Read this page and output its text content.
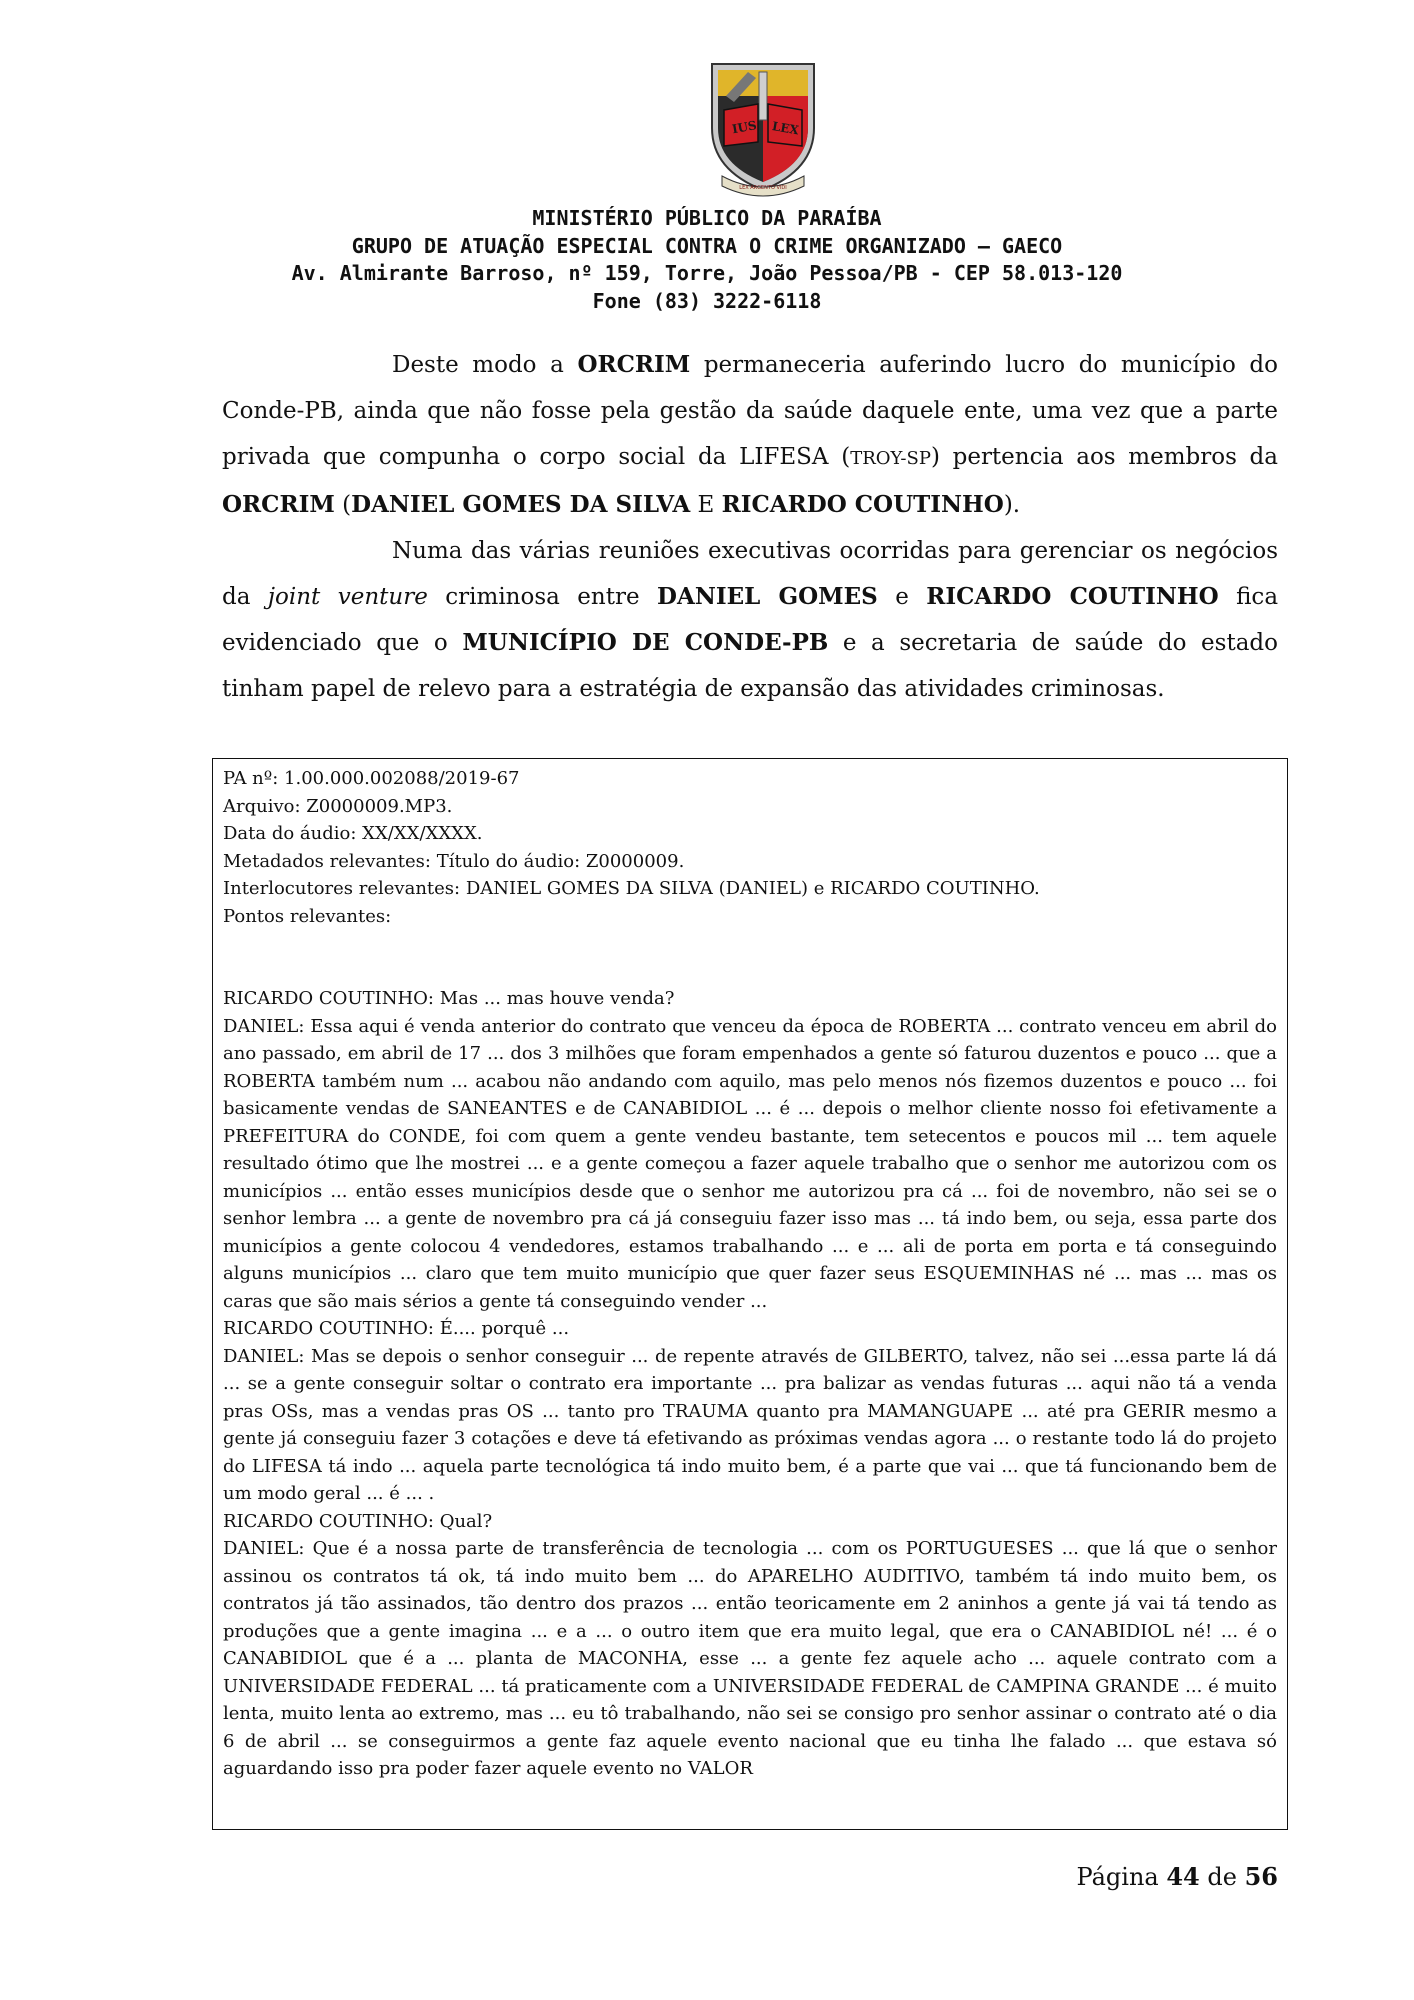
IUS LEX
LEX ARGENTO VIDI
MINISTÉRIO PÚBLICO DA PARAÍBA
GRUPO DE ATUAÇÃO ESPECIAL CONTRA O CRIME ORGANIZADO – GAECO
Av. Almirante Barroso, nº 159, Torre, João Pessoa/PB - CEP 58.013-120
Fone (83) 3222-6118

Deste modo a ORCRIM permaneceria auferindo lucro do município do Conde-PB, ainda que não fosse pela gestão da saúde daquele ente, uma vez que a parte privada que compunha o corpo social da LIFESA (TROY-SP) pertencia aos membros da ORCRIM (DANIEL GOMES DA SILVA E RICARDO COUTINHO).

Numa das várias reuniões executivas ocorridas para gerenciar os negócios da joint venture criminosa entre DANIEL GOMES e RICARDO COUTINHO fica evidenciado que o MUNICÍPIO DE CONDE-PB e a secretaria de saúde do estado tinham papel de relevo para a estratégia de expansão das atividades criminosas.

PA nº: 1.00.000.002088/2019-67
Arquivo: Z0000009.MP3.
Data do áudio: XX/XX/XXXX.
Metadados relevantes: Título do áudio: Z0000009.
Interlocutores relevantes: DANIEL GOMES DA SILVA (DANIEL) e RICARDO COUTINHO.
Pontos relevantes:

RICARDO COUTINHO: Mas ... mas houve venda?

DANIEL: Essa aqui é venda anterior do contrato que venceu da época de ROBERTA ... contrato venceu em abril do ano passado, em abril de 17 ... dos 3 milhões que foram empenhados a gente só faturou duzentos e pouco ... que a ROBERTA também num ... acabou não andando com aquilo, mas pelo menos nós fizemos duzentos e pouco ... foi basicamente vendas de SANEANTES e de CANABIDIOL ... é ... depois o melhor cliente nosso foi efetivamente a PREFEITURA do CONDE, foi com quem a gente vendeu bastante, tem setecentos e poucos mil ... tem aquele resultado ótimo que lhe mostrei ... e a gente começou a fazer aquele trabalho que o senhor me autorizou com os municípios ... então esses municípios desde que o senhor me autorizou pra cá ... foi de novembro, não sei se o senhor lembra ... a gente de novembro pra cá já conseguiu fazer isso mas ... tá indo bem, ou seja, essa parte dos municípios a gente colocou 4 vendedores, estamos trabalhando ... e ... ali de porta em porta e tá conseguindo alguns municípios ... claro que tem muito município que quer fazer seus ESQUEMINHAS né ... mas ... mas os caras que são mais sérios a gente tá conseguindo vender ...

RICARDO COUTINHO: É.... porquê ...

DANIEL: Mas se depois o senhor conseguir ... de repente através de GILBERTO, talvez, não sei ...essa parte lá dá ... se a gente conseguir soltar o contrato era importante ... pra balizar as vendas futuras ... aqui não tá a venda pras OSs, mas a vendas pras OS ... tanto pro TRAUMA quanto pra MAMANGUAPE ... até pra GERIR mesmo a gente já conseguiu fazer 3 cotações e deve tá efetivando as próximas vendas agora ... o restante todo lá do projeto do LIFESA tá indo ... aquela parte tecnológica tá indo muito bem, é a parte que vai ... que tá funcionando bem de um modo geral ... é ... .

RICARDO COUTINHO: Qual?

DANIEL: Que é a nossa parte de transferência de tecnologia ... com os PORTUGUESES ... que lá que o senhor assinou os contratos tá ok, tá indo muito bem ... do APARELHO AUDITIVO, também tá indo muito bem, os contratos já tão assinados, tão dentro dos prazos ... então teoricamente em 2 aninhos a gente já vai tá tendo as produções que a gente imagina ... e a ... o outro item que era muito legal, que era o CANABIDIOL né! ... é o CANABIDIOL que é a ... planta de MACONHA, esse ... a gente fez aquele acho ... aquele contrato com a UNIVERSIDADE FEDERAL ... tá praticamente com a UNIVERSIDADE FEDERAL de CAMPINA GRANDE ... é muito lenta, muito lenta ao extremo, mas ... eu tô trabalhando, não sei se consigo pro senhor assinar o contrato até o dia 6 de abril ... se conseguirmos a gente faz aquele evento nacional que eu tinha lhe falado ... que estava só aguardando isso pra poder fazer aquele evento no VALOR

Página 44 de 56
